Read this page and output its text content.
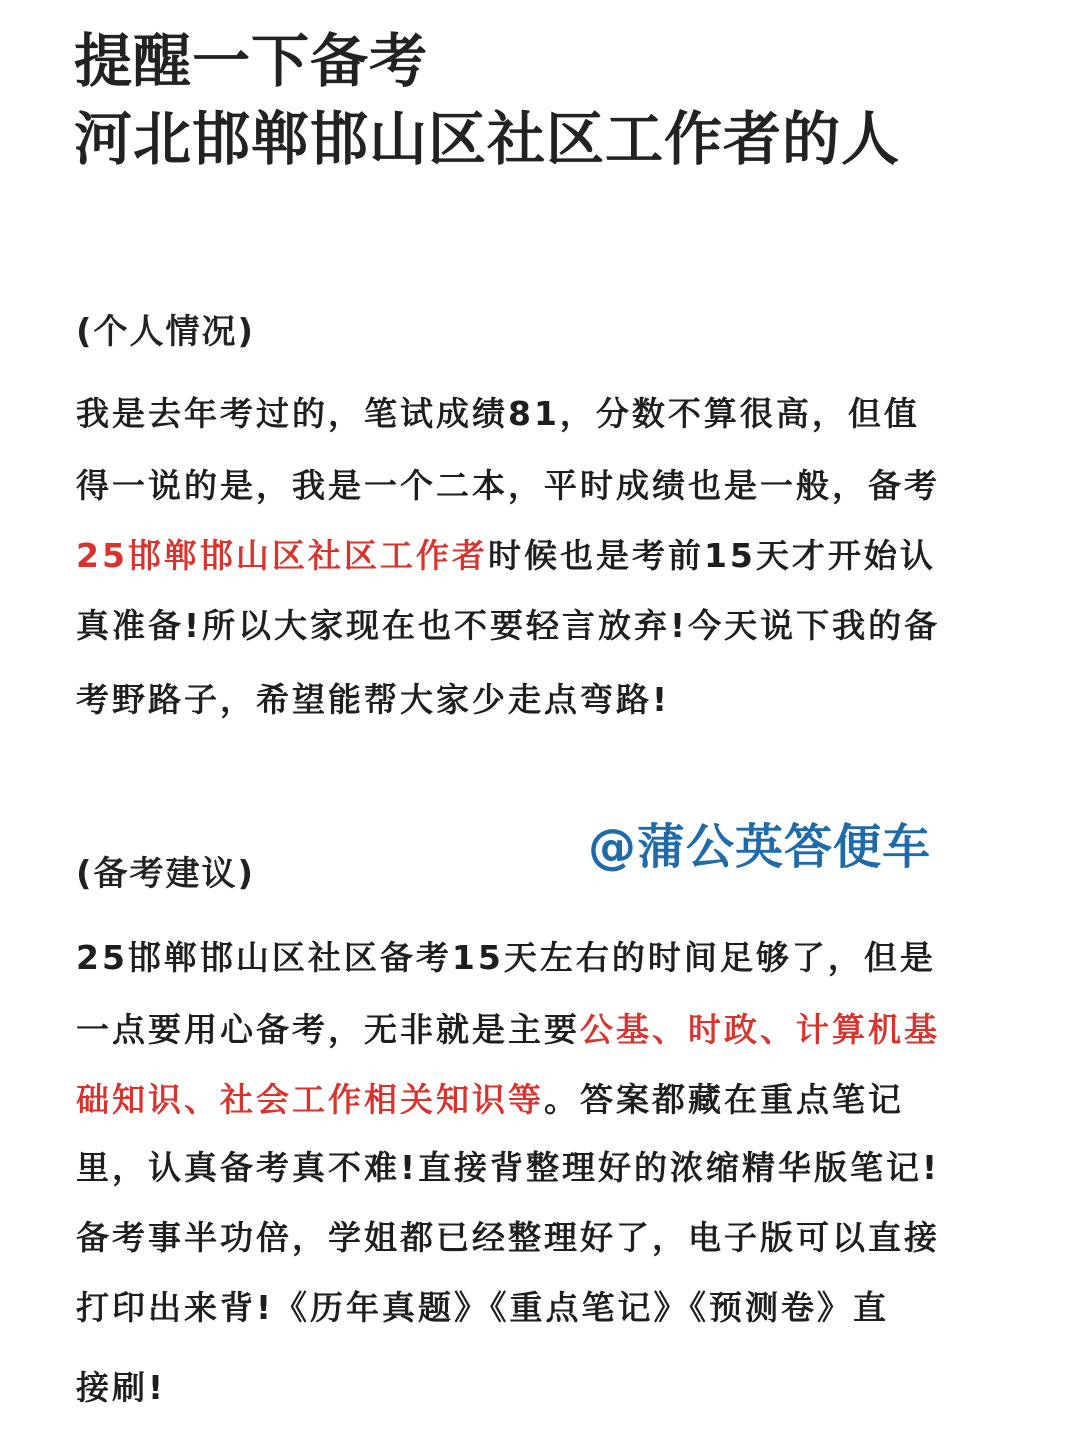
提醒一下备考
河北邯郸邯山区社区工作者的人
(个人情况)
我是去年考过的，笔试成绩81，分数不算很高，但值
得一说的是，我是一个二本，平时成绩也是一般，备考
25邯郸邯山区社区工作者时候也是考前15天才开始认
真准备!所以大家现在也不要轻言放弃!今天说下我的备
考野路子，希望能帮大家少走点弯路!
@蒲公英答便车
(备考建议)
25邯郸邯山区社区备考15天左右的时间足够了，但是
一点要用心备考，无非就是主要公基、时政、计算机基
础知识、社会工作相关知识等。答案都藏在重点笔记
里，认真备考真不难!直接背整理好的浓缩精华版笔记!
备考事半功倍，学姐都已经整理好了，电子版可以直接
打印出来背!《历年真题》《重点笔记》《预测卷》直
接刷!
